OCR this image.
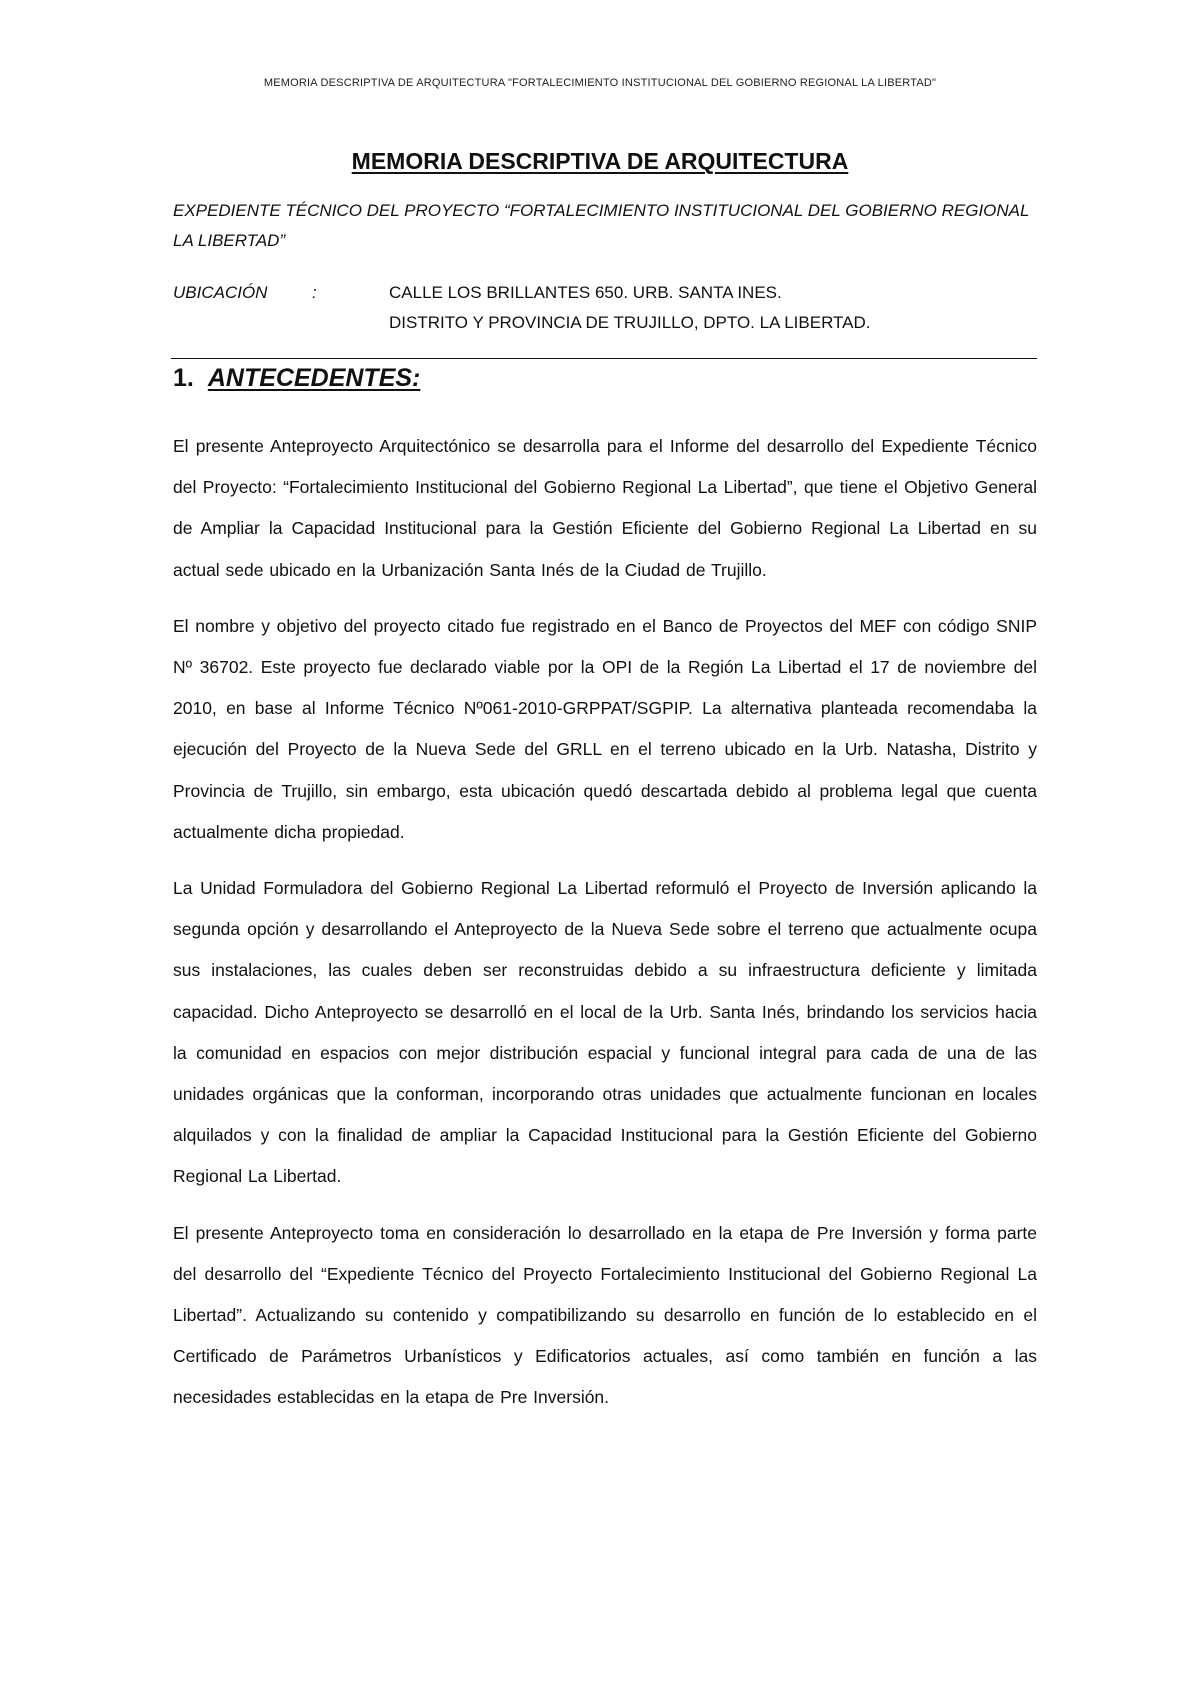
MEMORIA DESCRIPTIVA DE ARQUITECTURA "FORTALECIMIENTO INSTITUCIONAL DEL GOBIERNO REGIONAL LA LIBERTAD"
MEMORIA DESCRIPTIVA DE ARQUITECTURA
EXPEDIENTE TÉCNICO DEL PROYECTO “FORTALECIMIENTO INSTITUCIONAL DEL GOBIERNO REGIONAL LA LIBERTAD”
UBICACIÓN	:	CALLE LOS BRILLANTES 650. URB. SANTA INES.
DISTRITO Y PROVINCIA DE TRUJILLO, DPTO. LA LIBERTAD.
1. ANTECEDENTES:

El presente Anteproyecto Arquitectónico se desarrolla para el Informe del desarrollo del Expediente Técnico del Proyecto: “Fortalecimiento Institucional del Gobierno Regional La Libertad”, que tiene el Objetivo General de Ampliar la Capacidad Institucional para la Gestión Eficiente del Gobierno Regional La Libertad en su actual sede ubicado en la Urbanización Santa Inés de la Ciudad de Trujillo.

El nombre y objetivo del proyecto citado fue registrado en el Banco de Proyectos del MEF con código SNIP Nº 36702. Este proyecto fue declarado viable por la OPI de la Región La Libertad el 17 de noviembre del 2010, en base al Informe Técnico Nº061-2010-GRPPAT/SGPIP. La alternativa planteada recomendaba la ejecución del Proyecto de la Nueva Sede del GRLL en el terreno ubicado en la Urb. Natasha, Distrito y Provincia de Trujillo, sin embargo, esta ubicación quedó descartada debido al problema legal que cuenta actualmente dicha propiedad.

La Unidad Formuladora del Gobierno Regional La Libertad reformuló el Proyecto de Inversión aplicando la segunda opción y desarrollando el Anteproyecto de la Nueva Sede sobre el terreno que actualmente ocupa sus instalaciones, las cuales deben ser reconstruidas debido a su infraestructura deficiente y limitada capacidad. Dicho Anteproyecto se desarrolló en el local de la Urb. Santa Inés, brindando los servicios hacia la comunidad en espacios con mejor distribución espacial y funcional integral para cada de una de las unidades orgánicas que la conforman, incorporando otras unidades que actualmente funcionan en locales alquilados y con la finalidad de ampliar la Capacidad Institucional para la Gestión Eficiente del Gobierno Regional La Libertad.

El presente Anteproyecto toma en consideración lo desarrollado en la etapa de Pre Inversión y forma parte del desarrollo del “Expediente Técnico del Proyecto Fortalecimiento Institucional del Gobierno Regional La Libertad”. Actualizando su contenido y compatibilizando su desarrollo en función de lo establecido en el Certificado de Parámetros Urbanísticos y Edificatorios actuales, así como también en función a las necesidades establecidas en la etapa de Pre Inversión.
